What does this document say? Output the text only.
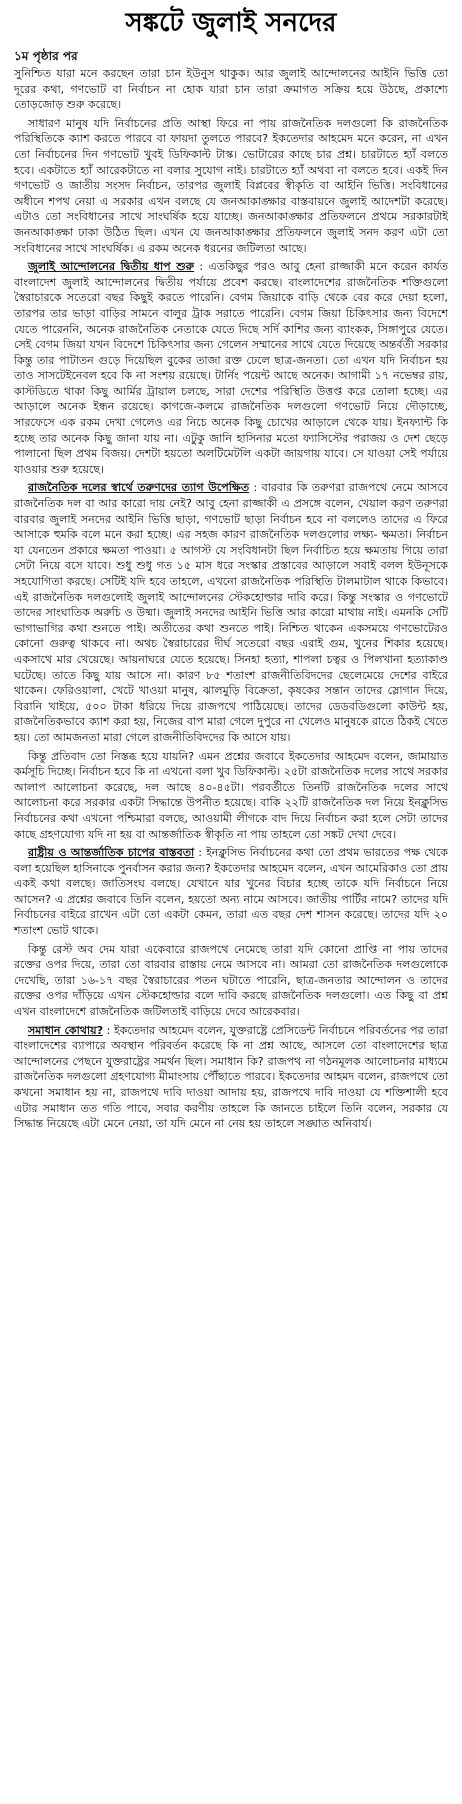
সঙ্কটে জুলাই সনদের
১ম পৃষ্ঠার পর

সুনিশ্চিত যারা মনে করছেন তারা চান ইউনুস থাকুক। আর জুলাই আন্দোলনের আইনি ভিত্তি তো দূরের কথা, গণভোট বা নির্বাচন না হোক যারা চান তারা ক্রমাগত সক্রিয় হয়ে উঠছে, প্রকাশ্যে তোড়জোড় শুরু করেছে।

সাধারণ মানুষ যদি নির্বাচনের প্রতি আস্থা ফিরে না পায় রাজনৈতিক দলগুলো কি রাজনৈতিক পরিস্থিতিকে ক্যাশ করতে পারবে বা ফায়দা তুলতে পারবে? ইকতেদার আহমেদ মনে করেন, না এখন তো নির্বাচনের দিন গণভোট খুবই ডিফিকাল্ট টাস্ক। ভোটারের কাছে চার প্রশ্ন। চারটাতে হ্যাঁ বলতে হবে। একটাতে হ্যাঁ আরেকটাতে না বলার সুযোগ নাই। চারটাতে হ্যাঁ অথবা না বলতে হবে। একই দিন গণভোট ও জাতীয় সংসদ নির্বাচন, তারপর জুলাই বিপ্লবের স্বীকৃতি বা আইনি ভিত্তি। সংবিধানের অধীনে শপথ নেয়া এ সরকার এখন বলছে যে জনআকাঙ্ক্ষার বাস্তবায়নে জুলাই আদেশটা করেছে। এটাও তো সংবিধানের সাথে সাংঘর্ষিক হয়ে যাচ্ছে। জনআকাঙ্ক্ষার প্রতিফলনে প্রথমে সরকারটাই জনআকাঙ্ক্ষা ঢাকা উঠিত ছিল। এখন যে জনআকাঙ্ক্ষার প্রতিফলনে জুলাই সনদ করণ এটা তো সংবিধানের সাথে সাংঘর্ষিক। এ রকম অনেক ধরনের জটিলতা আছে।

জুলাই আন্দোলনের দ্বিতীয় ধাপ শুরু : এতকিছুর পরও আবু হেনা রাজ্জাকী মনে করেন কার্যত বাংলাদেশ জুলাই আন্দোলনের দ্বিতীয় পর্যায়ে প্রবেশ করছে। বাংলাদেশের রাজনৈতিক শক্তিগুলো স্বৈরাচারকে সতেরো বছর কিছুই করতে পারেনি। বেগম জিয়াকে বাড়ি থেকে বের করে দেয়া হলো, তারপর তার ভাড়া বাড়ির সামনে বালুর ট্রাক সরাতে পারেনি। বেগম জিয়া চিকিৎসার জন্য বিদেশে যেতে পারেননি, অনেক রাজনৈতিক নেতাকে যেতে দিছে সর্দি কাশির জন্য ব্যাংকক, সিঙ্গাপুরে যেতে। সেই বেগম জিয়া যখন বিদেশে চিকিৎসার জন্য গেলেন সম্মানের সাথে যেতে দিয়েছে অন্তর্বর্তী সরকার কিন্তু তার পাটাতন গুড়ে দিয়েছিল বুকের তাজা রক্ত ঢেলে ছাত্র-জনতা। তো এখন যদি নির্বাচন হয় তাও সাসটেইনেবল হবে কি না সংশয় রয়েছে। টার্নিং পয়েন্ট আছে অনেক। আগামী ১৭ নভেম্বর রায়, কাস্টডিতে থাকা কিছু আর্মির ট্রায়াল চলছে, সারা দেশের পরিস্থিতি উত্তপ্ত করে তোলা হচ্ছে। এর আড়ালে অনেক ইন্ধন রয়েছে। কাগজে-কলমে রাজনৈতিক দলগুলো গণভোট নিয়ে দৌড়াচ্ছে, সারফেসে এক রকম দেখা গেলেও এর নিচে অনেক কিছু চোখের আড়ালে থেকে যায়। ইনফ্যান্ট কি হচ্ছে তার অনেক কিছু জানা যায় না। এটুকু জানি হাসিনার মতো ফ্যাসিস্টের পরাজয় ও দেশ ছেড়ে পালানো ছিল প্রথম বিজয়। দেশটা হয়তো অলটিমেটলি একটা জায়গায় যাবে। সে যাওয়া সেই পর্যায়ে যাওয়ার শুরু হয়েছে।

রাজনৈতিক দলের স্বার্থে তরুণদের ত্যাগ উপেক্ষিত : বারবার কি তরুণরা রাজপথে নেমে আসবে রাজনৈতিক দল বা আর কারো দায় নেই? আবু হেনা রাজ্জাকী এ প্রসঙ্গে বলেন, খেয়াল করণ তরুণরা বারবার জুলাই সনদের আইনি ভিত্তি ছাড়া, গণভোট ছাড়া নির্বাচন হবে না বললেও তাদের এ ফিরে আসাকে হুমকি বলে মনে করা হচ্ছে। এর সহজ কারণ রাজনৈতিক দলগুলোর লক্ষ্য- ক্ষমতা। নির্বাচন যা যেনতেন প্রকারে ক্ষমতা পাওয়া। ৫ আগস্ট যে সংবিধানটা ছিল নির্বাচিত হয়ে ক্ষমতায় গিয়ে তারা সেটা নিয়ে বসে যাবে। শুধু শুধু গত ১৫ মাস ধরে সংস্কার প্রস্তাবের আড়ালে সবাই বলল ইউনূসকে সহযোগিতা করছে। সেটিই যদি হবে তাহলে, এখনো রাজনৈতিক পরিস্থিতি টালমাটাল থাকে কিভাবে। এই রাজনৈতিক দলগুলোই জুলাই আন্দোলনের স্টেকহোল্ডার দাবি করে। কিন্তু সংস্কার ও গণভোটে তাদের সাংঘাতিক অরুচি ও উষ্মা। জুলাই সনদের আইনি ভিত্তি আর কারো মাথায় নাই। এমনকি সেটি ভাগাভাগির কথা শুনতে পাই। অতীতের কথা শুনতে পাই। নিশ্চিত থাকেন একসময়ে গণভোটেরও কোনো গুরুত্ব থাকবে না। অথচ স্বৈরাচারের দীর্ঘ সতেরো বছর এরাই গুম, খুনের শিকার হয়েছে। একসাথে মার খেয়েছে। আয়নাঘরে যেতে হয়েছে। সিনহা হত্যা, শাপলা চত্বর ও পিলখানা হত্যাকাণ্ড ঘটেছে। তাতে কিছু যায় আসে না। কারণ ৮৫ শতাংশ রাজনীতিবিদদের ছেলেমেয়ে দেশের বাইরে থাকেন। ফেরিওয়ালা, খেটে খাওয়া মানুষ, ঝালমুড়ি বিক্রেতা, কৃষকের সন্তান তাদের স্লোগান দিয়ে, বিরানি খাইয়ে, ৫০০ টাকা ধরিয়ে দিয়ে রাজপথে পাঠিয়েছে। তাদের ডেডবডিগুলো কাউন্ট হয়, রাজনৈতিকভাবে ক্যাশ করা হয়, নিজের বাপ মারা গেলে দুপুরে না খেলেও মানুষকে রাতে ঠিকই খেতে হয়। তো আমজনতা মারা গেলে রাজনীতিবিদদের কি আসে যায়।

কিন্তু প্রতিবাদ তো নিস্তব্ধ হয়ে যায়নি? এমন প্রশ্নের জবাবে ইকতেদার আহমেদ বলেন, জামায়াত কর্মসূচি দিচ্ছে। নির্বাচন হবে কি না এখনো বলা খুব ডিফিকাল্ট। ২৫টা রাজনৈতিক দলের সাথে সরকার আলাপ আলোচনা করেছে, দল আছে ৪০-৪৫টা। পরবর্তীতে তিনটি রাজনৈতিক দলের সাথে আলোচনা করে সরকার একটা সিদ্ধান্তে উপনীত হয়েছে। বাকি ২২টি রাজনৈতিক দল নিয়ে ইনক্লুসিভ নির্বাচনের কথা এখনো পশ্চিমারা বলছে, আওয়ামী লীগকে বাদ দিয়ে নির্বাচন করা হলে সেটা তাদের কাছে গ্রহণযোগ্য যদি না হয় বা আন্তর্জাতিক স্বীকৃতি না পায় তাহলে তো সঙ্কট দেখা দেবে।

রাষ্ট্রীয় ও আন্তর্জাতিক চাপের বাস্তবতা : ইনক্লুসিভ নির্বাচনের কথা তো প্রথম ভারতের পক্ষ থেকে বলা হয়েছিল হাসিনাকে পুনর্বাসন করার জন্য? ইকতেদার আহমেদ বলেন, এখন আমেরিকাও তো প্রায় একই কথা বলছে। জাতিসংঘ বলছে। যেখানে যার খুনের বিচার হচ্ছে তাকে যদি নির্বাচনে নিয়ে আসেন? এ প্রশ্নের জবাবে তিনি বলেন, হয়তো অন্য নামে আসবে। জাতীয় পার্টির নামে? তাদের যদি নির্বাচনের বাইরে রাখেন এটা তো একটা কেমন, তারা এত বছর দেশ শাসন করেছে। তাদের যদি ২০ শতাংশ ভোট থাকে।

কিন্তু রেস্ট অব দেম যারা একেবারে রাজপথে নেমেছে তারা যদি কোনো প্রাপ্তি না পায় তাদের রক্তের ওপর দিয়ে, তারা তো বারবার রাস্তায় নেমে আসবে না। আমরা তো রাজনৈতিক দলগুলোকে দেখেছি, তারা ১৬-১৭ বছর স্বৈরাচারের পতন ঘটাতে পারেনি, ছাত্র-জনতার আন্দোলন ও তাদের রক্তের ওপর দাঁড়িয়ে এখন স্টেকহোল্ডার বলে দাবি করছে রাজনৈতিক দলগুলো। এত কিছু বা প্রশ্ন এখন বাংলাদেশে রাজনৈতিক জটিলতাই বাড়িয়ে দেবে আরেকবার।

সমাধান কোথায়? : ইকতেদার আহমেদ বলেন, যুক্তরাষ্ট্রে প্রেসিডেন্ট নির্বাচনে পরিবর্তনের পর তারা বাংলাদেশের ব্যাপারে অবস্থান পরিবর্তন করেছে কি না প্রশ্ন আছে, আসলে তো বাংলাদেশের ছাত্র আন্দোলনের পেছনে যুক্তরাষ্ট্রের সমর্থন ছিল। সমাধান কি? রাজপথ না গঠনমূলক আলোচনার মাধ্যমে রাজনৈতিক দলগুলো গ্রহণযোগ্য মীমাংসায় পৌঁছাতে পারবে। ইকতেদার আহমদ বলেন, রাজপথে তো কখনো সমাধান হয় না, রাজপথে দাবি দাওয়া আদায় হয়, রাজপথে দাবি দাওয়া যে শক্তিশালী হবে এটার সমাধান তত গতি পাবে, সবার করণীয় তাহলে কি জানতে চাইলে তিনি বলেন, সরকার যে সিদ্ধান্ত নিয়েছে এটা মেনে নেয়া, তা যদি মেনে না নেয় হয় তাহলে সঙ্ঘাত অনিবার্য।
